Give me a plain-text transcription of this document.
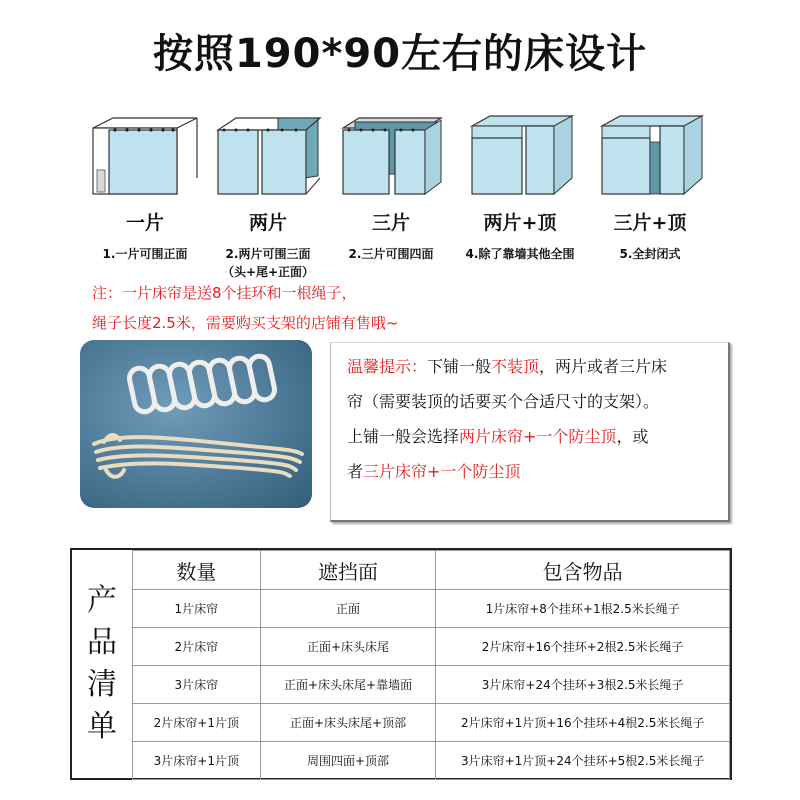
按照190*90左右的床设计
一片
1.一片可围正面
两片
2.两片可围三面
（头+尾+正面）
三片
2.三片可围四面
两片+顶
4.除了靠墙其他全围
三片+顶
5.全封闭式
注：一片床帘是送8个挂环和一根绳子，
绳子长度2.5米，需要购买支架的店铺有售哦~
温馨提示：下铺一般不装顶，两片或者三片床
帘（需要装顶的话要买个合适尺寸的支架）。
上铺一般会选择两片床帘+一个防尘顶，或
者三片床帘+一个防尘顶
产
品
清
单
数量	遮挡面	包含物品
1片床帘	正面	1片床帘+8个挂环+1根2.5米长绳子
2片床帘	正面+床头床尾	2片床帘+16个挂环+2根2.5米长绳子
3片床帘	正面+床头床尾+靠墙面	3片床帘+24个挂环+3根2.5米长绳子
2片床帘+1片顶	正面+床头床尾+顶部	2片床帘+1片顶+16个挂环+4根2.5米长绳子
3片床帘+1片顶	周围四面+顶部	3片床帘+1片顶+24个挂环+5根2.5米长绳子
